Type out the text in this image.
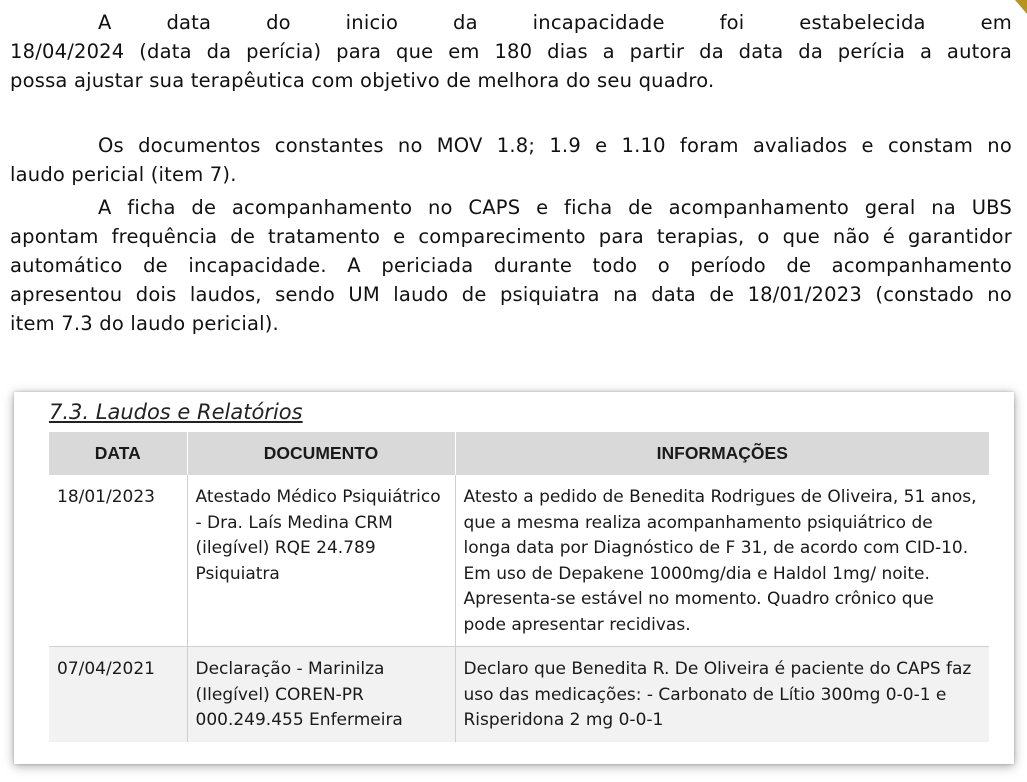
A data do inicio da incapacidade foi estabelecida em
18/04/2024 (data da perícia) para que em 180 dias a partir da data da perícia a autora
possa ajustar sua terapêutica com objetivo de melhora do seu quadro.
Os documentos constantes no MOV 1.8; 1.9 e 1.10 foram avaliados e constam no
laudo pericial (item 7).
A ficha de acompanhamento no CAPS e ficha de acompanhamento geral na UBS
apontam frequência de tratamento e comparecimento para terapias, o que não é garantidor
automático de incapacidade. A periciada durante todo o período de acompanhamento
apresentou dois laudos, sendo UM laudo de psiquiatra na data de 18/01/2023 (constado no
item 7.3 do laudo pericial).
7.3. Laudos e Relatórios
DATA	DOCUMENTO	INFORMAÇÕES
18/01/2023	Atestado Médico Psiquiátrico - Dra. Laís Medina CRM (ilegível) RQE 24.789 Psiquiatra	Atesto a pedido de Benedita Rodrigues de Oliveira, 51 anos, que a mesma realiza acompanhamento psiquiátrico de longa data por Diagnóstico de F 31, de acordo com CID-10. Em uso de Depakene 1000mg/dia e Haldol 1mg/ noite. Apresenta-se estável no momento. Quadro crônico que pode apresentar recidivas.
07/04/2021	Declaração - Marinilza (Ilegível) COREN-PR 000.249.455 Enfermeira	Declaro que Benedita R. De Oliveira é paciente do CAPS faz uso das medicações: - Carbonato de Lítio 300mg 0-0-1 e Risperidona 2 mg 0-0-1
